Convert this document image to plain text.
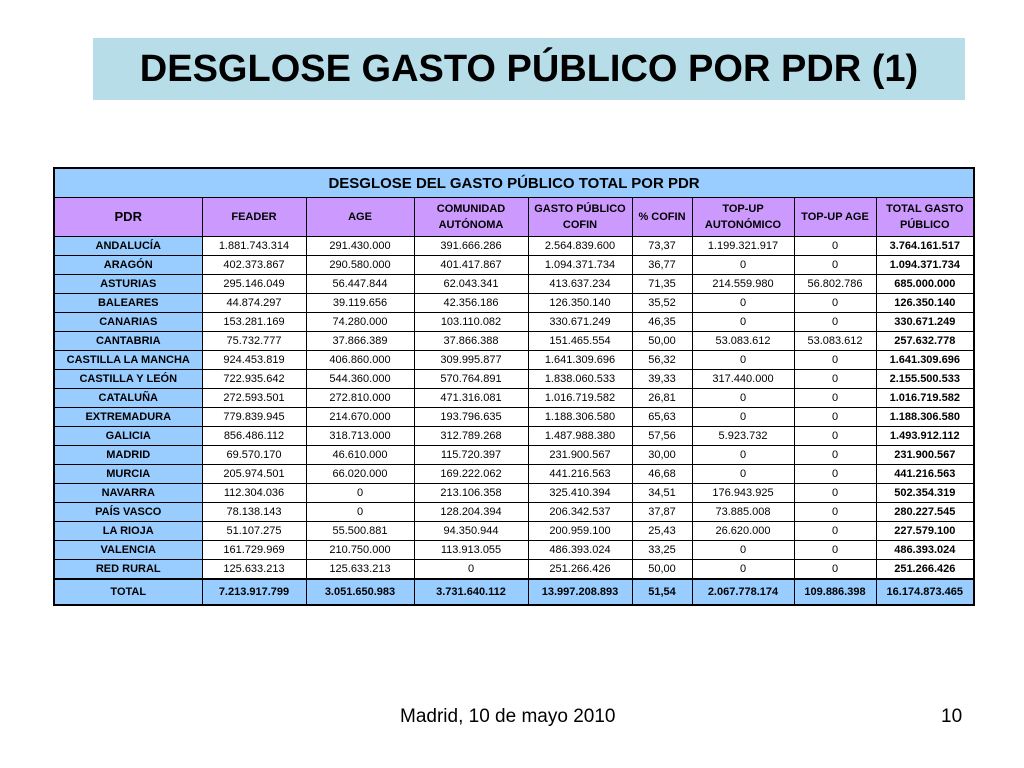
DESGLOSE GASTO PÚBLICO POR PDR (1)
DESGLOSE DEL GASTO PÚBLICO TOTAL POR PDR								
PDR	FEADER	AGE	COMUNIDAD AUTÓNOMA	GASTO PÚBLICO COFIN	% COFIN	TOP-UP AUTONÓMICO	TOP-UP AGE	TOTAL GASTO PÚBLICO
ANDALUCÍA	1.881.743.314	291.430.000	391.666.286	2.564.839.600	73,37	1.199.321.917	0	3.764.161.517
ARAGÓN	402.373.867	290.580.000	401.417.867	1.094.371.734	36,77	0	0	1.094.371.734
ASTURIAS	295.146.049	56.447.844	62.043.341	413.637.234	71,35	214.559.980	56.802.786	685.000.000
BALEARES	44.874.297	39.119.656	42.356.186	126.350.140	35,52	0	0	126.350.140
CANARIAS	153.281.169	74.280.000	103.110.082	330.671.249	46,35	0	0	330.671.249
CANTABRIA	75.732.777	37.866.389	37.866.388	151.465.554	50,00	53.083.612	53.083.612	257.632.778
CASTILLA LA MANCHA	924.453.819	406.860.000	309.995.877	1.641.309.696	56,32	0	0	1.641.309.696
CASTILLA Y LEÓN	722.935.642	544.360.000	570.764.891	1.838.060.533	39,33	317.440.000	0	2.155.500.533
CATALUÑA	272.593.501	272.810.000	471.316.081	1.016.719.582	26,81	0	0	1.016.719.582
EXTREMADURA	779.839.945	214.670.000	193.796.635	1.188.306.580	65,63	0	0	1.188.306.580
GALICIA	856.486.112	318.713.000	312.789.268	1.487.988.380	57,56	5.923.732	0	1.493.912.112
MADRID	69.570.170	46.610.000	115.720.397	231.900.567	30,00	0	0	231.900.567
MURCIA	205.974.501	66.020.000	169.222.062	441.216.563	46,68	0	0	441.216.563
NAVARRA	112.304.036	0	213.106.358	325.410.394	34,51	176.943.925	0	502.354.319
PAÍS VASCO	78.138.143	0	128.204.394	206.342.537	37,87	73.885.008	0	280.227.545
LA RIOJA	51.107.275	55.500.881	94.350.944	200.959.100	25,43	26.620.000	0	227.579.100
VALENCIA	161.729.969	210.750.000	113.913.055	486.393.024	33,25	0	0	486.393.024
RED RURAL	125.633.213	125.633.213	0	251.266.426	50,00	0	0	251.266.426
TOTAL	7.213.917.799	3.051.650.983	3.731.640.112	13.997.208.893	51,54	2.067.778.174	109.886.398	16.174.873.465
Madrid, 10 de mayo 2010	10
